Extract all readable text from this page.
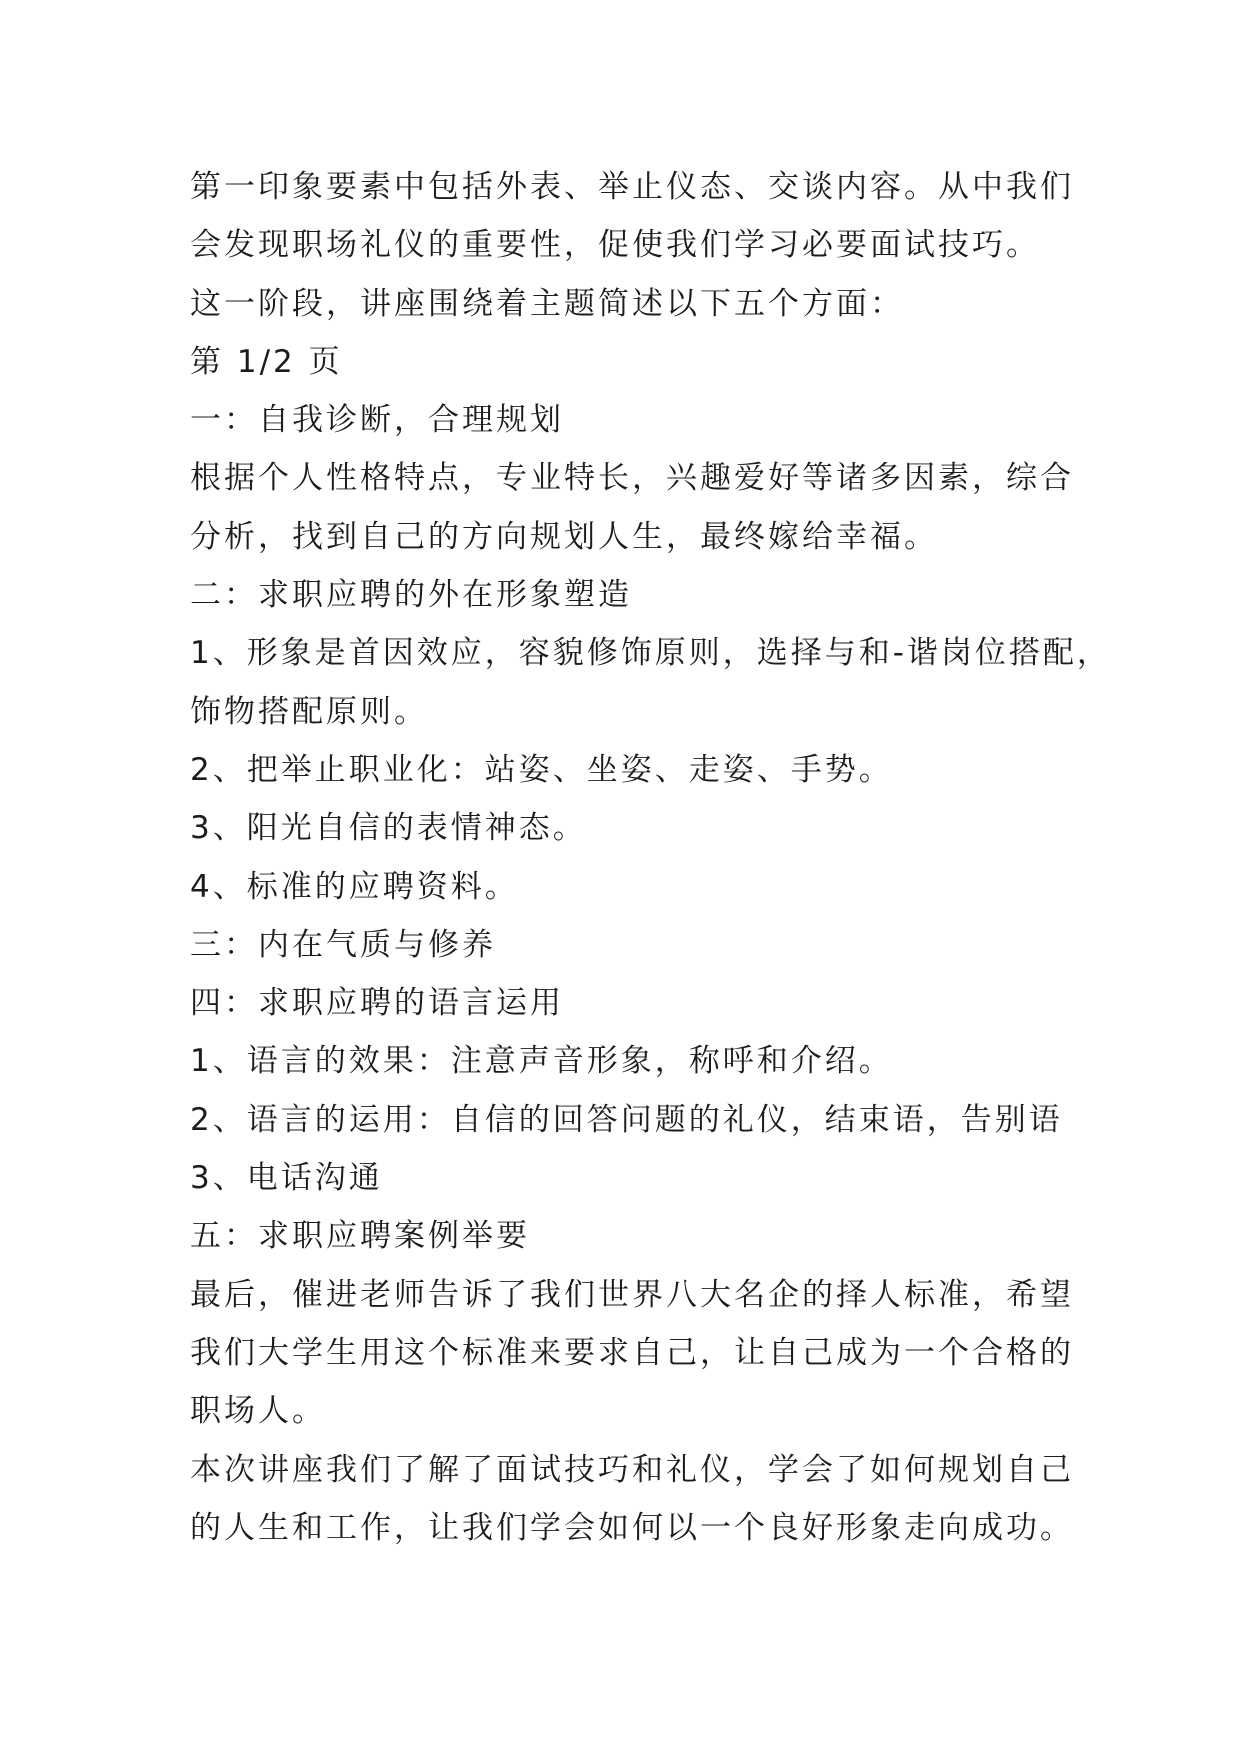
第一印象要素中包括外表、举止仪态、交谈内容。从中我们
会发现职场礼仪的重要性，促使我们学习必要面试技巧。
这一阶段，讲座围绕着主题简述以下五个方面：
第 1/2 页
一：自我诊断，合理规划
根据个人性格特点，专业特长，兴趣爱好等诸多因素，综合
分析，找到自己的方向规划人生，最终嫁给幸福。
二：求职应聘的外在形象塑造
1、形象是首因效应，容貌修饰原则，选择与和-谐岗位搭配，
饰物搭配原则。
2、把举止职业化：站姿、坐姿、走姿、手势。
3、阳光自信的表情神态。
4、标准的应聘资料。
三：内在气质与修养
四：求职应聘的语言运用
1、语言的效果：注意声音形象，称呼和介绍。
2、语言的运用：自信的回答问题的礼仪，结束语，告别语
3、电话沟通
五：求职应聘案例举要
最后，催进老师告诉了我们世界八大名企的择人标准，希望
我们大学生用这个标准来要求自己，让自己成为一个合格的
职场人。
本次讲座我们了解了面试技巧和礼仪，学会了如何规划自己
的人生和工作，让我们学会如何以一个良好形象走向成功。
